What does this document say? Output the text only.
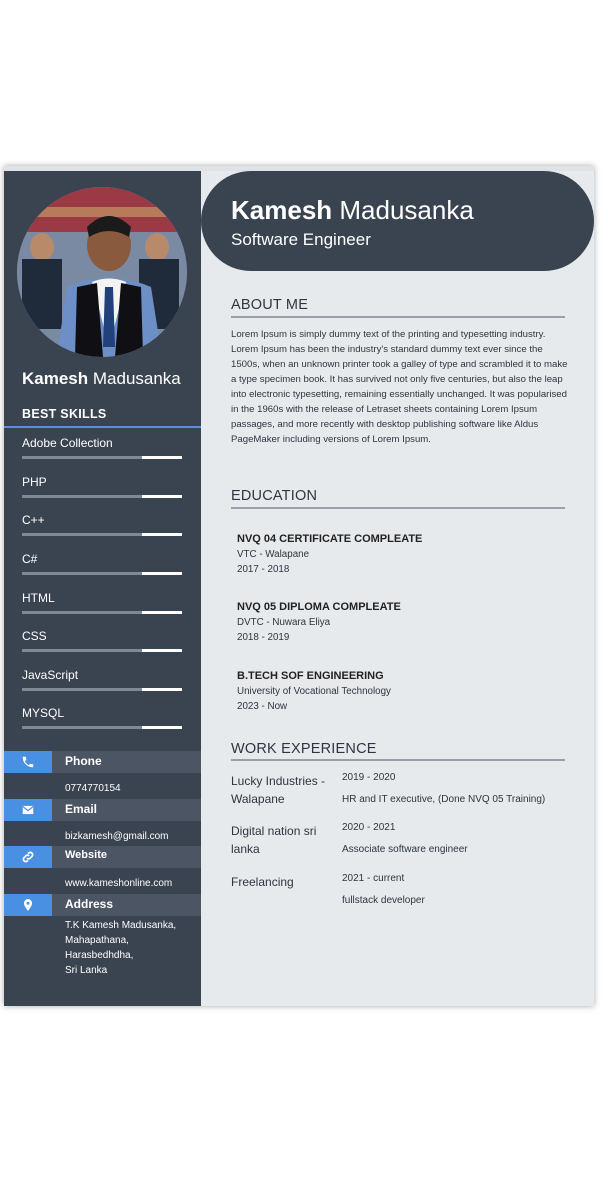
Kamesh Madusanka
BEST SKILLS
Adobe Collection
PHP
C++
C#
HTML
CSS
JavaScript
MYSQL
Phone
0774770154
Email
bizkamesh@gmail.com
Website
www.kameshonline.com
Address
T.K Kamesh Madusanka,
Mahapathana,
Harasbedhdha,
Sri Lanka
Kamesh Madusanka
Software Engineer
ABOUT ME
Lorem Ipsum is simply dummy text of the printing and typesetting industry. Lorem Ipsum has been the industry's standard dummy text ever since the 1500s, when an unknown printer took a galley of type and scrambled it to make a type specimen book. It has survived not only five centuries, but also the leap into electronic typesetting, remaining essentially unchanged. It was popularised in the 1960s with the release of Letraset sheets containing Lorem Ipsum passages, and more recently with desktop publishing software like Aldus PageMaker including versions of Lorem Ipsum.
EDUCATION
NVQ 04 CERTIFICATE COMPLEATE
VTC - Walapane
2017 - 2018
NVQ 05 DIPLOMA COMPLEATE
DVTC - Nuwara Eliya
2018 - 2019
B.TECH SOF ENGINEERING
University of Vocational Technology
2023 - Now
WORK EXPERIENCE
Lucky Industries - Walapane
2019 - 2020
HR and IT executive, (Done NVQ 05 Training)
Digital nation sri lanka
2020 - 2021
Associate software engineer
Freelancing	2021 - current
fullstack developer
